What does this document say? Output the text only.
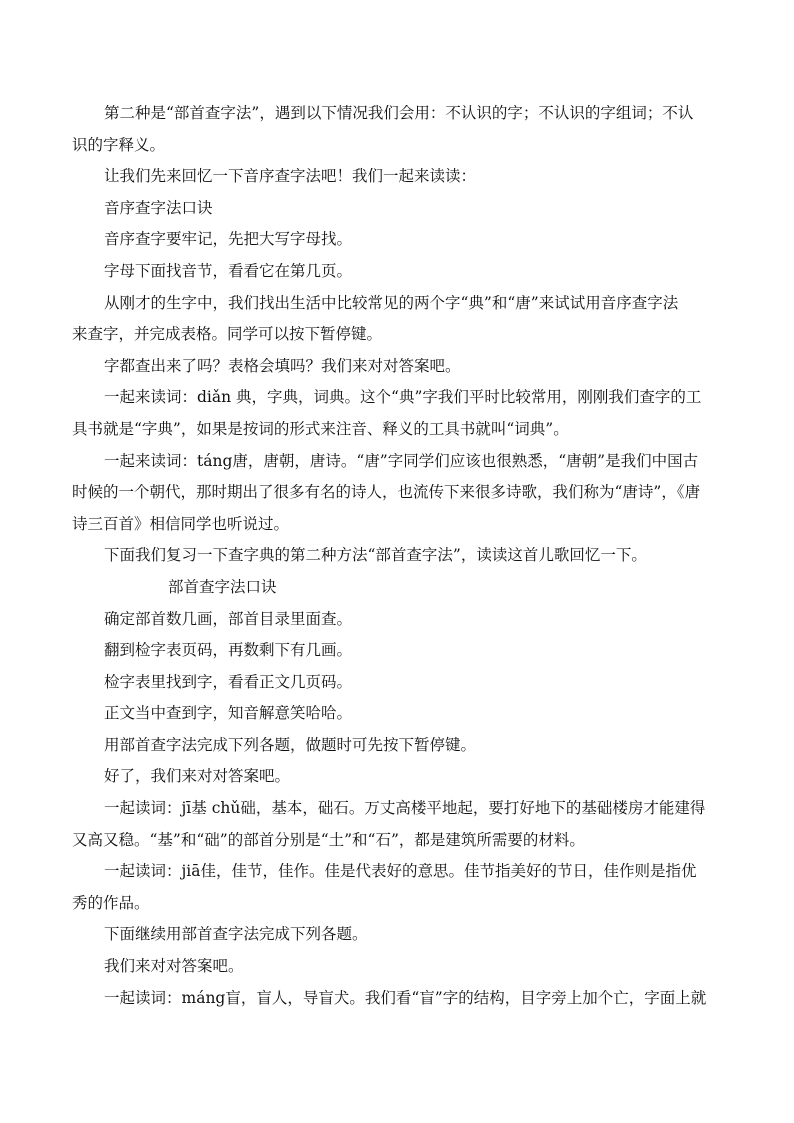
第二种是“部首查字法”，遇到以下情况我们会用：不认识的字；不认识的字组词；不认
识的字释义。
让我们先来回忆一下音序查字法吧！我们一起来读读：
音序查字法口诀
音序查字要牢记，先把大写字母找。
字母下面找音节，看看它在第几页。
从刚才的生字中，我们找出生活中比较常见的两个字“典”和“唐”来试试用音序查字法
来查字，并完成表格。同学可以按下暂停键。
字都查出来了吗？表格会填吗？我们来对对答案吧。
一起来读词：diǎn 典，字典，词典。这个“典”字我们平时比较常用，刚刚我们查字的工
具书就是“字典”，如果是按词的形式来注音、释义的工具书就叫“词典”。
一起来读词：táng唐，唐朝，唐诗。“唐”字同学们应该也很熟悉，“唐朝”是我们中国古
时候的一个朝代，那时期出了很多有名的诗人，也流传下来很多诗歌，我们称为“唐诗”，《唐
诗三百首》相信同学也听说过。
下面我们复习一下查字典的第二种方法“部首查字法”，读读这首儿歌回忆一下。
部首查字法口诀
确定部首数几画，部首目录里面查。
翻到检字表页码，再数剩下有几画。
检字表里找到字，看看正文几页码。
正文当中查到字，知音解意笑哈哈。
用部首查字法完成下列各题，做题时可先按下暂停键。
好了，我们来对对答案吧。
一起读词：jī基 chǔ础，基本，础石。万丈高楼平地起，要打好地下的基础楼房才能建得
又高又稳。“基”和“础”的部首分别是“土”和“石”，都是建筑所需要的材料。
一起读词：jiā佳，佳节，佳作。佳是代表好的意思。佳节指美好的节日，佳作则是指优
秀的作品。
下面继续用部首查字法完成下列各题。
我们来对对答案吧。
一起读词：máng盲，盲人，导盲犬。我们看“盲”字的结构，目字旁上加个亡，字面上就
